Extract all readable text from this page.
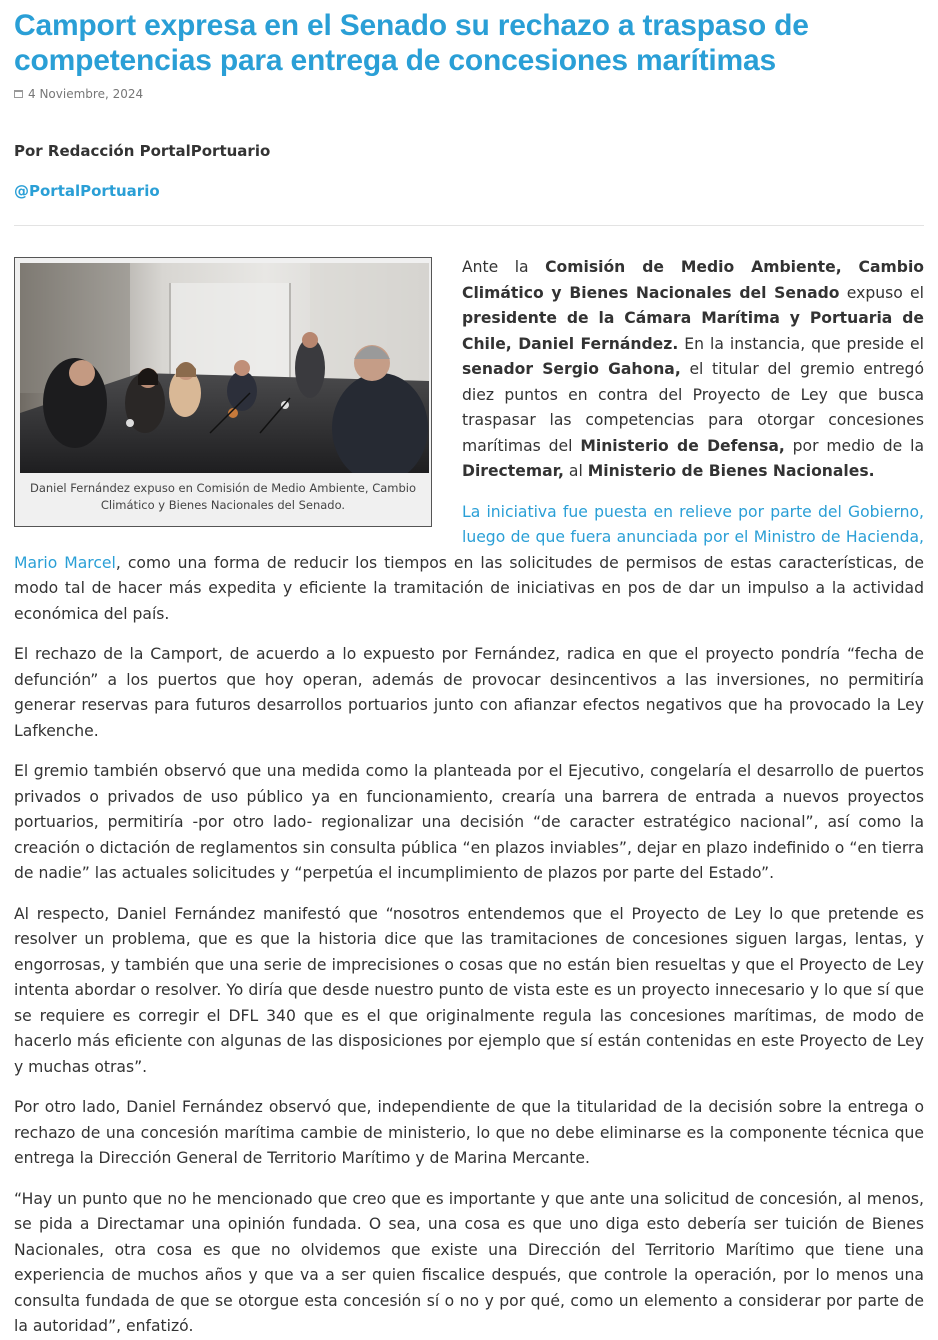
Camport expresa en el Senado su rechazo a traspaso de competencias para entrega de concesiones marítimas
4 Noviembre, 2024
Por Redacción PortalPortuario
@PortalPortuario
Daniel Fernández expuso en Comisión de Medio Ambiente, Cambio Climático y Bienes Nacionales del Senado.

Ante la Comisión de Medio Ambiente, Cambio Climático y Bienes Nacionales del Senado expuso el presidente de la Cámara Marítima y Portuaria de Chile, Daniel Fernández. En la instancia, que preside el senador Sergio Gahona, el titular del gremio entregó diez puntos en contra del Proyecto de Ley que busca traspasar las competencias para otorgar concesiones marítimas del Ministerio de Defensa, por medio de la Directemar, al Ministerio de Bienes Nacionales.

La iniciativa fue puesta en relieve por parte del Gobierno, luego de que fuera anunciada por el Ministro de Hacienda, Mario Marcel, como una forma de reducir los tiempos en las solicitudes de permisos de estas características, de modo tal de hacer más expedita y eficiente la tramitación de iniciativas en pos de dar un impulso a la actividad económica del país.

El rechazo de la Camport, de acuerdo a lo expuesto por Fernández, radica en que el proyecto pondría “fecha de defunción” a los puertos que hoy operan, además de provocar desincentivos a las inversiones, no permitiría generar reservas para futuros desarrollos portuarios junto con afianzar efectos negativos que ha provocado la Ley Lafkenche.

El gremio también observó que una medida como la planteada por el Ejecutivo, congelaría el desarrollo de puertos privados o privados de uso público ya en funcionamiento, crearía una barrera de entrada a nuevos proyectos portuarios, permitiría -por otro lado- regionalizar una decisión “de caracter estratégico nacional”, así como la creación o dictación de reglamentos sin consulta pública “en plazos inviables”, dejar en plazo indefinido o “en tierra de nadie” las actuales solicitudes y “perpetúa el incumplimiento de plazos por parte del Estado”.

Al respecto, Daniel Fernández manifestó que “nosotros entendemos que el Proyecto de Ley lo que pretende es resolver un problema, que es que la historia dice que las tramitaciones de concesiones siguen largas, lentas, y engorrosas, y también que una serie de imprecisiones o cosas que no están bien resueltas y que el Proyecto de Ley intenta abordar o resolver. Yo diría que desde nuestro punto de vista este es un proyecto innecesario y lo que sí que se requiere es corregir el DFL 340 que es el que originalmente regula las concesiones marítimas, de modo de hacerlo más eficiente con algunas de las disposiciones por ejemplo que sí están contenidas en este Proyecto de Ley y muchas otras”.

Por otro lado, Daniel Fernández observó que, independiente de que la titularidad de la decisión sobre la entrega o rechazo de una concesión marítima cambie de ministerio, lo que no debe eliminarse es la componente técnica que entrega la Dirección General de Territorio Marítimo y de Marina Mercante.

“Hay un punto que no he mencionado que creo que es importante y que ante una solicitud de concesión, al menos, se pida a Directamar una opinión fundada. O sea, una cosa es que uno diga esto debería ser tuición de Bienes Nacionales, otra cosa es que no olvidemos que existe una Dirección del Territorio Marítimo que tiene una experiencia de muchos años y que va a ser quien fiscalice después, que controle la operación, por lo menos una consulta fundada de que se otorgue esta concesión sí o no y por qué, como un elemento a considerar por parte de la autoridad”, enfatizó.
